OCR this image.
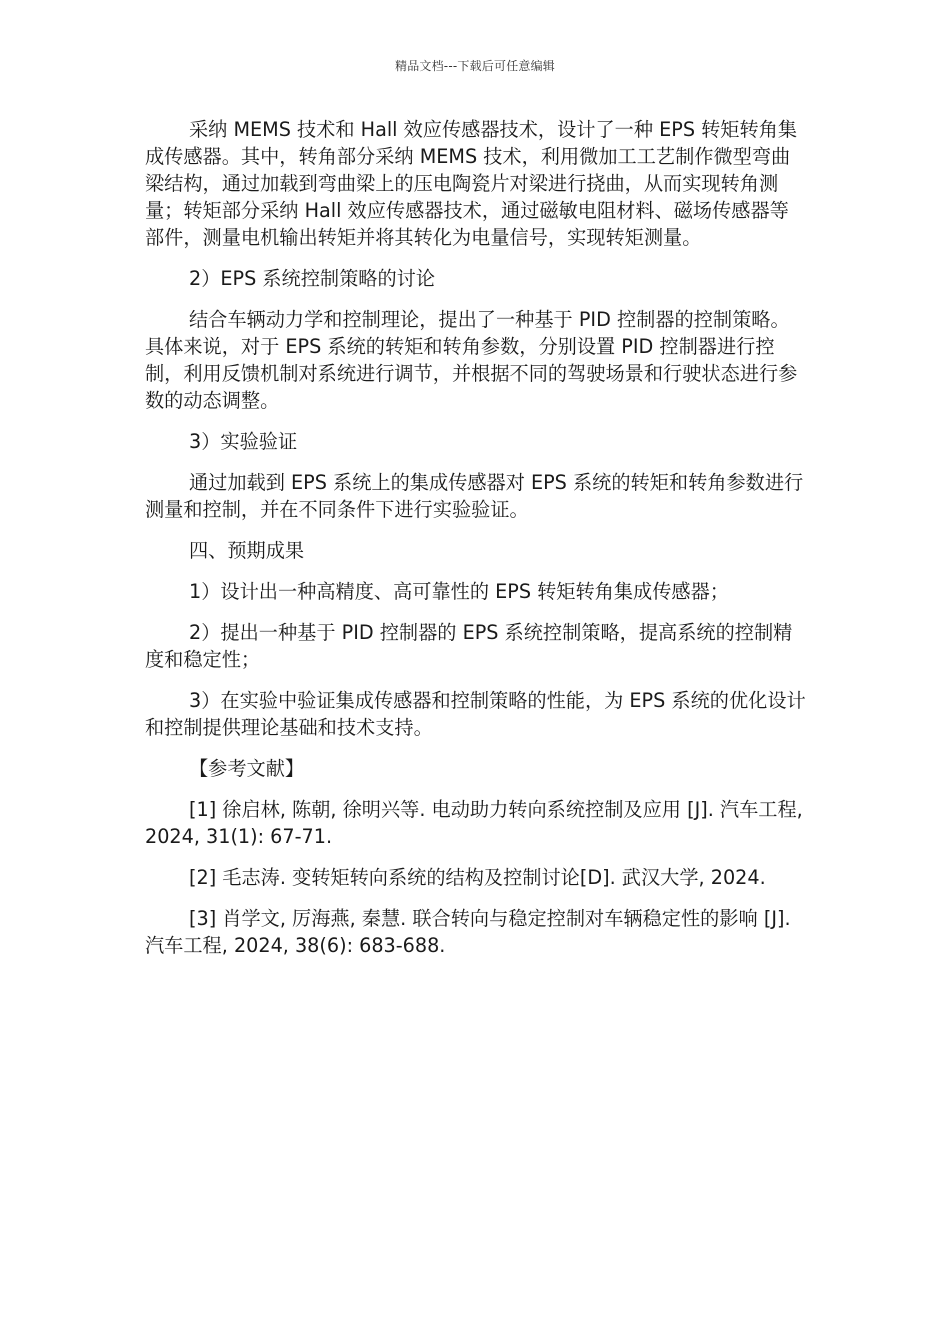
精品文档---下载后可任意编辑

采纳 MEMS 技术和 Hall 效应传感器技术，设计了一种 EPS 转矩转角集成传感器。其中，转角部分采纳 MEMS 技术，利用微加工工艺制作微型弯曲梁结构，通过加载到弯曲梁上的压电陶瓷片对梁进行挠曲，从而实现转角测量；转矩部分采纳 Hall 效应传感器技术，通过磁敏电阻材料、磁场传感器等部件，测量电机输出转矩并将其转化为电量信号，实现转矩测量。

2）EPS 系统控制策略的讨论

结合车辆动力学和控制理论，提出了一种基于 PID 控制器的控制策略。具体来说，对于 EPS 系统的转矩和转角参数，分别设置 PID 控制器进行控制，利用反馈机制对系统进行调节，并根据不同的驾驶场景和行驶状态进行参数的动态调整。

3）实验验证

通过加载到 EPS 系统上的集成传感器对 EPS 系统的转矩和转角参数进行测量和控制，并在不同条件下进行实验验证。

四、预期成果

1）设计出一种高精度、高可靠性的 EPS 转矩转角集成传感器；

2）提出一种基于 PID 控制器的 EPS 系统控制策略，提高系统的控制精度和稳定性；

3）在实验中验证集成传感器和控制策略的性能，为 EPS 系统的优化设计和控制提供理论基础和技术支持。

【参考文献】

[1] 徐启林, 陈朝, 徐明兴等. 电动助力转向系统控制及应用 [J]. 汽车工程, 2024, 31(1): 67-71.

[2] 毛志涛. 变转矩转向系统的结构及控制讨论[D]. 武汉大学, 2024.

[3] 肖学文, 厉海燕, 秦慧. 联合转向与稳定控制对车辆稳定性的影响 [J]. 汽车工程, 2024, 38(6): 683-688.
